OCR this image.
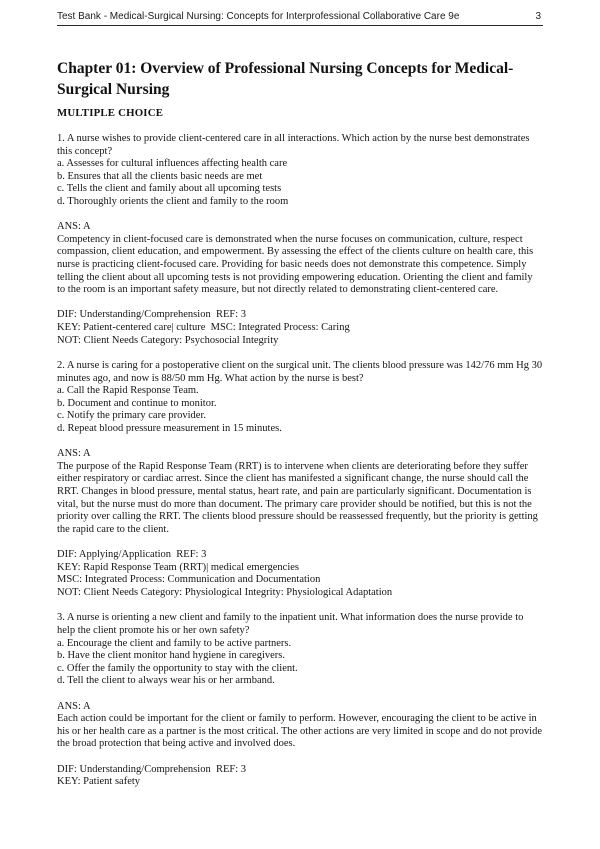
Test Bank - Medical-Surgical Nursing: Concepts for Interprofessional Collaborative Care 9e	3
Chapter 01: Overview of Professional Nursing Concepts for Medical-Surgical Nursing
MULTIPLE CHOICE

1. A nurse wishes to provide client-centered care in all interactions. Which action by the nurse best demonstrates this concept?

a. Assesses for cultural influences affecting health care

b. Ensures that all the clients basic needs are met

c. Tells the client and family about all upcoming tests

d. Thoroughly orients the client and family to the room

ANS: A

Competency in client-focused care is demonstrated when the nurse focuses on communication, culture, respect compassion, client education, and empowerment. By assessing the effect of the clients culture on health care, this nurse is practicing client-focused care. Providing for basic needs does not demonstrate this competence. Simply telling the client about all upcoming tests is not providing empowering education. Orienting the client and family to the room is an important safety measure, but not directly related to demonstrating client-centered care.

DIF: Understanding/Comprehension  REF: 3

KEY: Patient-centered care| culture  MSC: Integrated Process: Caring

NOT: Client Needs Category: Psychosocial Integrity

2. A nurse is caring for a postoperative client on the surgical unit. The clients blood pressure was 142/76 mm Hg 30 minutes ago, and now is 88/50 mm Hg. What action by the nurse is best?

a. Call the Rapid Response Team.

b. Document and continue to monitor.

c. Notify the primary care provider.

d. Repeat blood pressure measurement in 15 minutes.

ANS: A

The purpose of the Rapid Response Team (RRT) is to intervene when clients are deteriorating before they suffer either respiratory or cardiac arrest. Since the client has manifested a significant change, the nurse should call the RRT. Changes in blood pressure, mental status, heart rate, and pain are particularly significant. Documentation is vital, but the nurse must do more than document. The primary care provider should be notified, but this is not the priority over calling the RRT. The clients blood pressure should be reassessed frequently, but the priority is getting the rapid care to the client.

DIF: Applying/Application  REF: 3

KEY: Rapid Response Team (RRT)| medical emergencies

MSC: Integrated Process: Communication and Documentation

NOT: Client Needs Category: Physiological Integrity: Physiological Adaptation

3. A nurse is orienting a new client and family to the inpatient unit. What information does the nurse provide to help the client promote his or her own safety?

a. Encourage the client and family to be active partners.

b. Have the client monitor hand hygiene in caregivers.

c. Offer the family the opportunity to stay with the client.

d. Tell the client to always wear his or her armband.

ANS: A

Each action could be important for the client or family to perform. However, encouraging the client to be active in his or her health care as a partner is the most critical. The other actions are very limited in scope and do not provide the broad protection that being active and involved does.

DIF: Understanding/Comprehension  REF: 3

KEY: Patient safety
